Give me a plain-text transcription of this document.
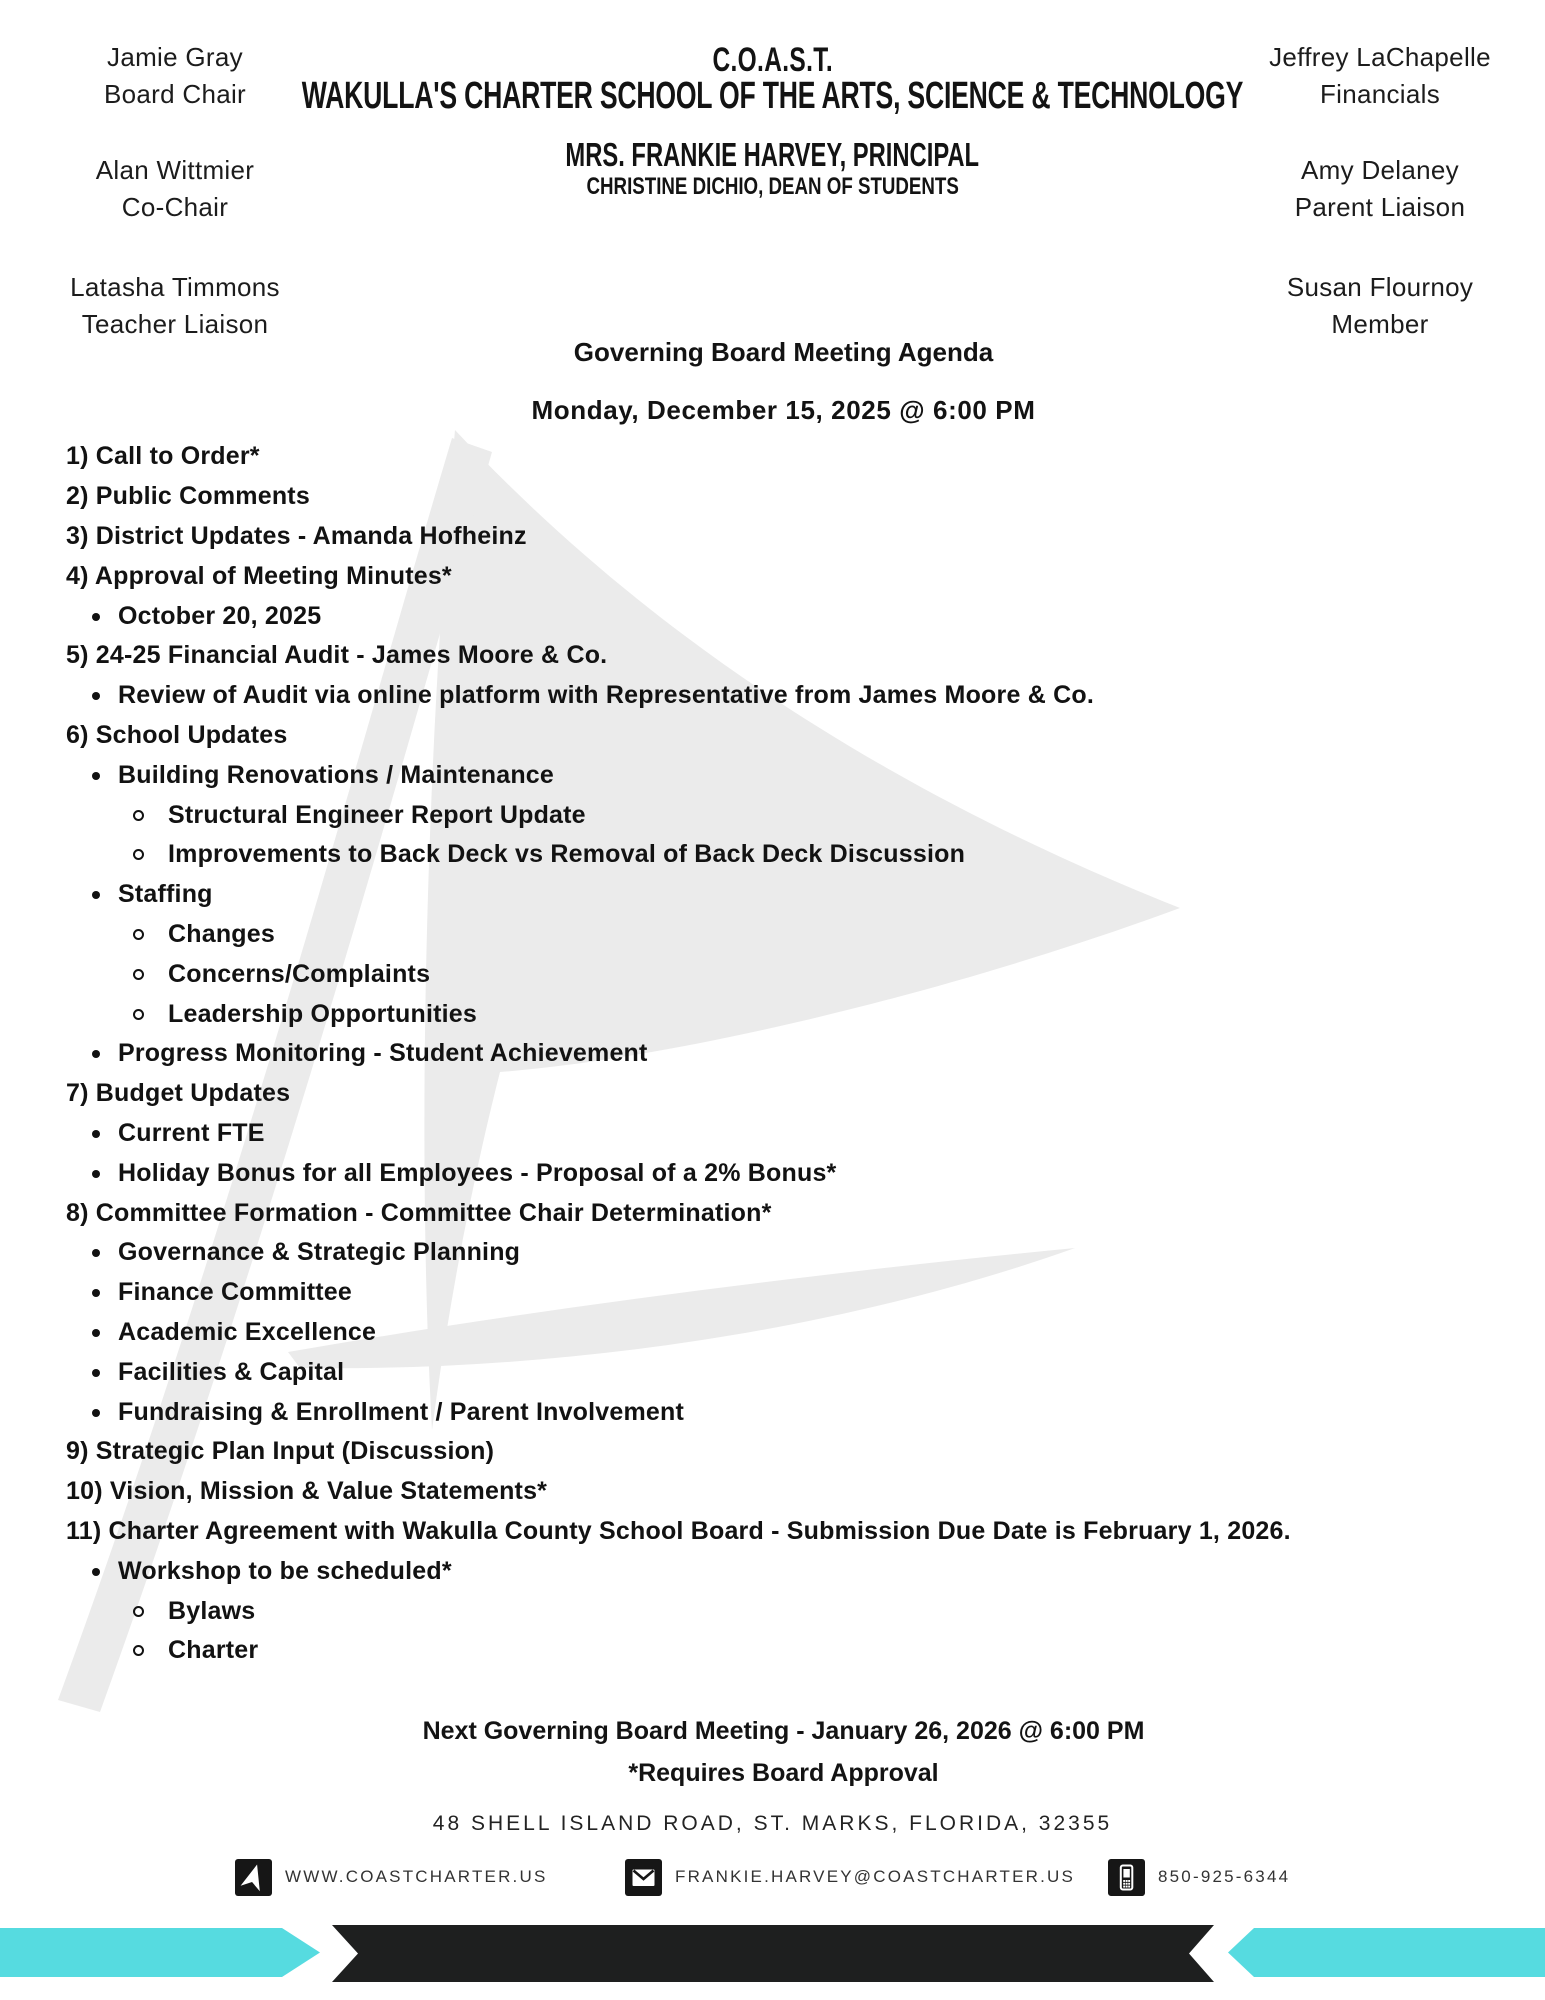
Jamie Gray
Board Chair
Alan Wittmier
Co-Chair
Latasha Timmons
Teacher Liaison
Jeffrey LaChapelle
Financials
Amy Delaney
Parent Liaison
Susan Flournoy
Member
C.O.A.S.T.
WAKULLA'S CHARTER SCHOOL OF THE ARTS, SCIENCE & TECHNOLOGY
MRS. FRANKIE HARVEY, PRINCIPAL
CHRISTINE DICHIO, DEAN OF STUDENTS
Governing Board Meeting Agenda
Monday, December 15, 2025 @ 6:00 PM
1) Call to Order*
2) Public Comments
3) District Updates - Amanda Hofheinz
4) Approval of Meeting Minutes*
October 20, 2025
5) 24-25 Financial Audit - James Moore & Co.
Review of Audit via online platform with Representative from James Moore & Co.
6) School Updates
Building Renovations / Maintenance
Structural Engineer Report Update
Improvements to Back Deck vs Removal of Back Deck Discussion
Staffing
Changes
Concerns/Complaints
Leadership Opportunities
Progress Monitoring - Student Achievement
7) Budget Updates
Current FTE
Holiday Bonus for all Employees - Proposal of a 2% Bonus*
8) Committee Formation - Committee Chair Determination*
Governance & Strategic Planning
Finance Committee
Academic Excellence
Facilities & Capital
Fundraising & Enrollment / Parent Involvement
9) Strategic Plan Input (Discussion)
10) Vision, Mission & Value Statements*
11) Charter Agreement with Wakulla County School Board - Submission Due Date is February 1, 2026.
Workshop to be scheduled*
Bylaws
Charter
Next Governing Board Meeting - January 26, 2026 @ 6:00 PM
*Requires Board Approval
48 SHELL ISLAND ROAD, ST. MARKS, FLORIDA, 32355
WWW.COASTCHARTER.US	FRANKIE.HARVEY@COASTCHARTER.US	850-925-6344
